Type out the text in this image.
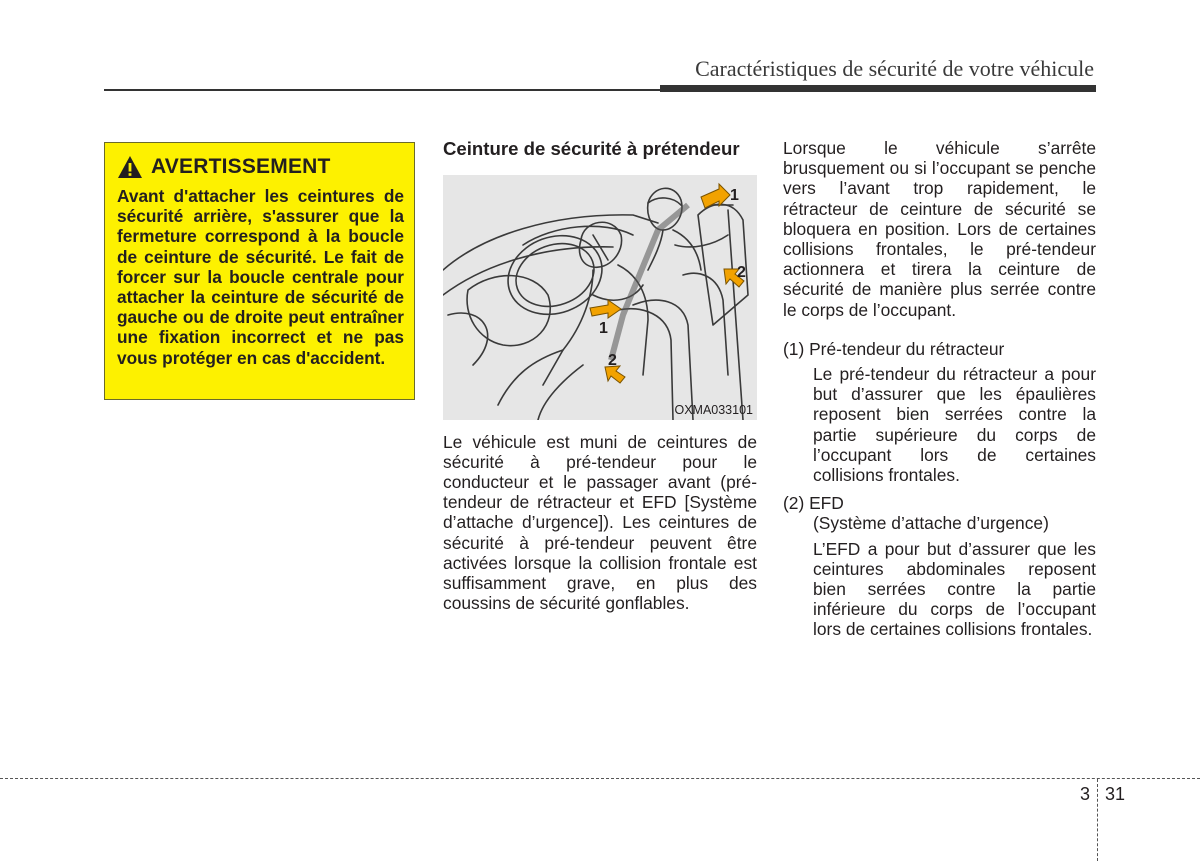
Caractéristiques de sécurité de votre véhicule
AVERTISSEMENT

Avant d'attacher les ceintures de sécurité arrière, s'assurer que la fermeture correspond à la boucle de ceinture de sécurité. Le fait de forcer sur la boucle centrale pour attacher la ceinture de sécurité de gauche ou de droite peut entraîner une fixation incorrect et ne pas vous protéger en cas d'accident.

Ceinture de sécurité à prétendeur
1
2
1
2
OXMA033101

Le véhicule est muni de ceintures de sécurité à pré-tendeur pour le conducteur et le passager avant (pré-tendeur de rétracteur et EFD [Système d’attache d’urgence]). Les ceintures de sécurité à pré-tendeur peuvent être activées lorsque la collision frontale est suffisamment grave, en plus des coussins de sécurité gonflables.

Lorsque le véhicule s’arrête brusquement ou si l’occupant se penche vers l’avant trop rapidement, le rétracteur de ceinture de sécurité se bloquera en position. Lors de certaines collisions frontales, le pré-tendeur actionnera et tirera la ceinture de sécurité de manière plus serrée contre le corps de l’occupant.

(1) Pré-tendeur du rétracteur

Le pré-tendeur du rétracteur a pour but d’assurer que les épaulières reposent bien serrées contre la partie supérieure du corps de l’occupant lors de certaines collisions frontales.

(2) EFD
(Système d’attache d’urgence)

L’EFD a pour but d’assurer que les ceintures abdominales reposent bien serrées contre la partie inférieure du corps de l’occupant lors de certaines collisions frontales.

3 31
